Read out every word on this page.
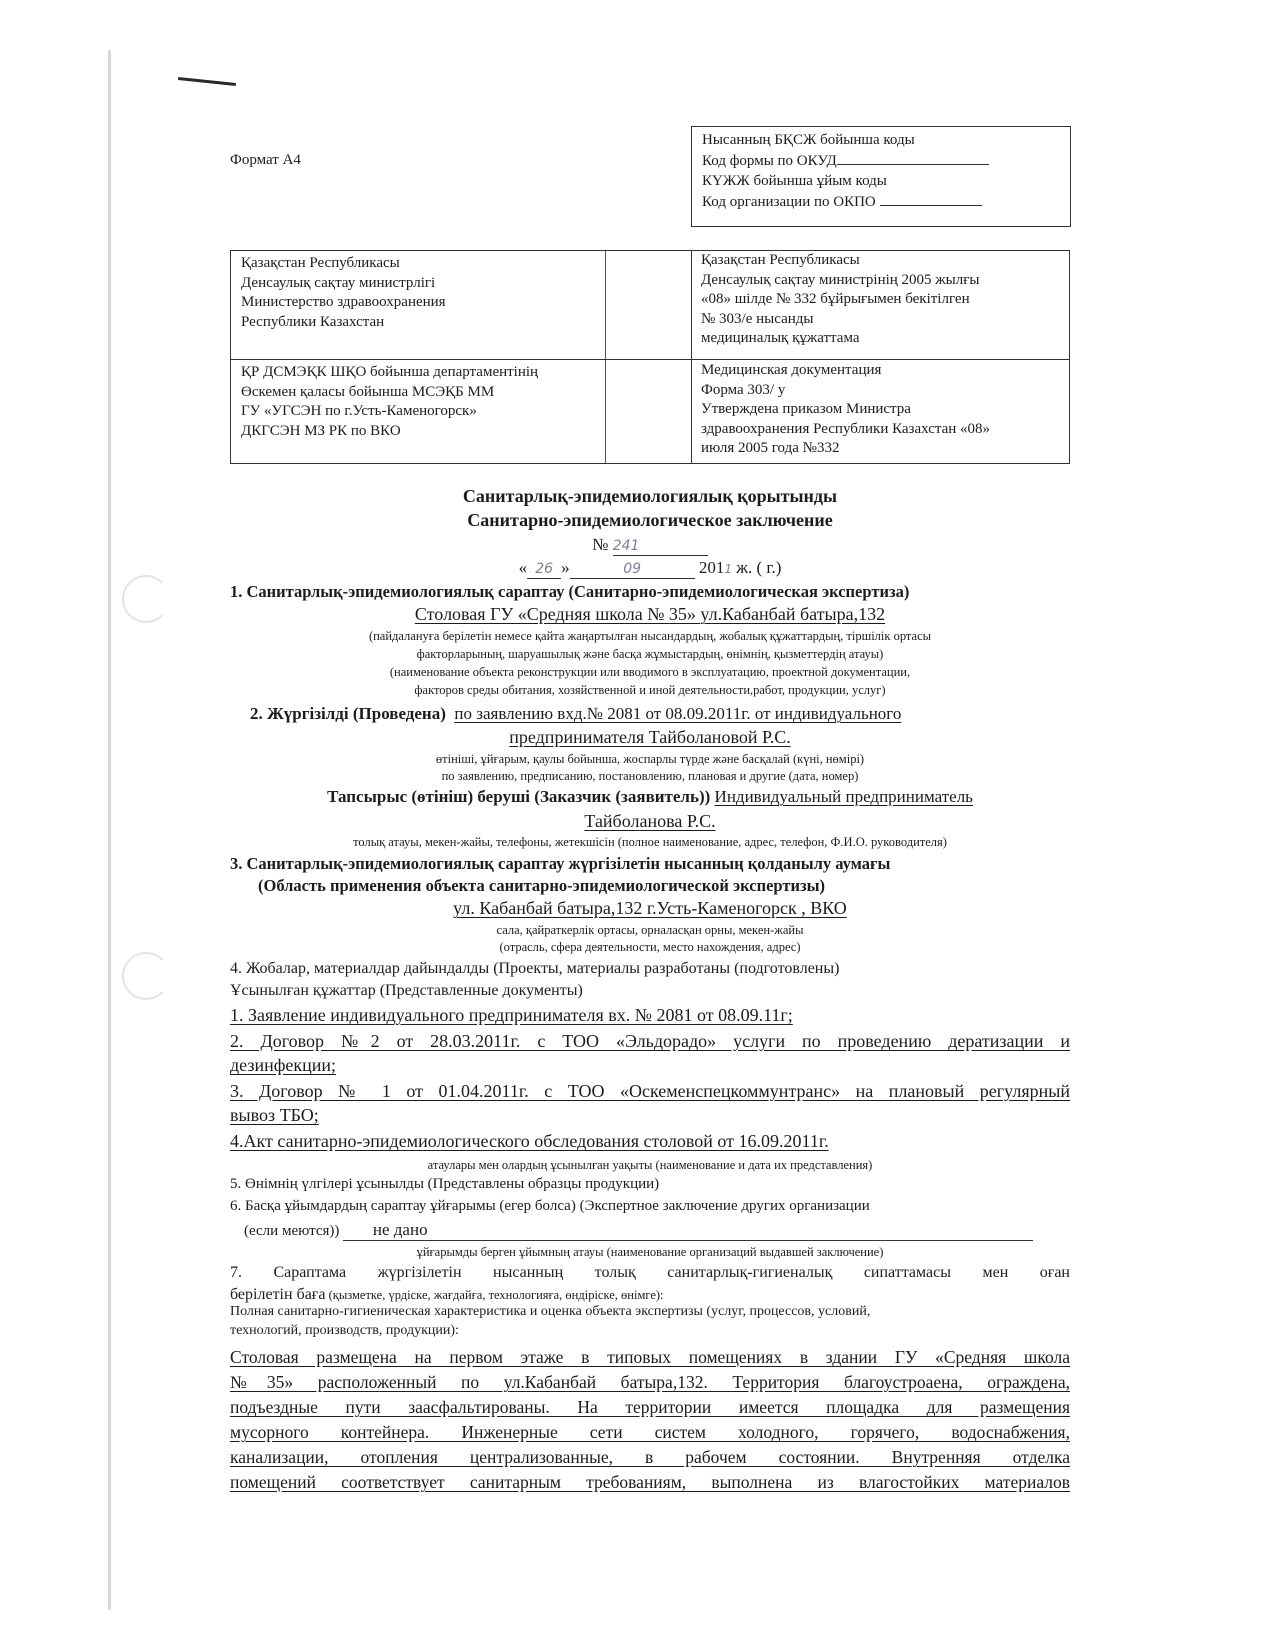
Формат А4
Нысанның БҚСЖ бойынша коды
Код формы по ОКУД
КҮЖЖ бойынша ұйым коды
Код организации по ОКПО
Қазақстан Республикасы
Денсаулық сақтау министрлігі
Министерство здравоохранения
Республики Казахстан
ҚР ДСМЭҚК ШҚО бойынша департаментінің
Өскемен қаласы бойынша МСЭҚБ ММ
ГУ «УГСЭН по г.Усть-Каменогорск»
ДКГСЭН МЗ РК по ВКО
Қазақстан Республикасы
Денсаулық сақтау министрінің 2005 жылғы
«08» шілде № 332 бұйрығымен бекітілген
№ 303/е нысанды
медициналық құжаттама
Медицинская документация
Форма 303/ у
Утверждена приказом Министра
здравоохранения Республики Казахстан «08»
июля 2005 года №332
Санитарлық-эпидемиологиялық қорытынды
Санитарно-эпидемиологическое заключение
№ 241
« 26 »	09	2011 ж. ( г.)
1. Санитарлық-эпидемиологиялық сараптау (Санитарно-эпидемиологическая экспертиза)
Столовая ГУ «Средняя школа № 35» ул.Кабанбай батыра,132
(пайдалануға берілетін немесе қайта жаңартылған нысандардың, жобалық құжаттардың, тіршілік ортасы
факторларының, шаруашылық және басқа жұмыстардың, өнімнің, қызметтердің атауы)
(наименование объекта реконструкции или вводимого в эксплуатацию, проектной документации,
факторов среды обитания, хозяйственной и иной деятельности,работ, продукции, услуг)
2. Жүргізілді (Проведена) по заявлению вхд.№ 2081 от 08.09.2011г. от индивидуального
предпринимателя Тайболановой Р.С.
өтініші, ұйғарым, қаулы бойынша, жоспарлы түрде және басқалай (күні, нөмірі)
по заявлению, предписанию, постановлению, плановая и другие (дата, номер)
Тапсырыс (өтініш) беруші (Заказчик (заявитель)) Индивидуальный предприниматель
Тайболанова Р.С.
толық атауы, мекен-жайы, телефоны, жетекшісін (полное наименование, адрес, телефон, Ф.И.О. руководителя)
3. Санитарлық-эпидемиологиялық сараптау жүргізілетін нысанның қолданылу аумағы
(Область применения объекта санитарно-эпидемиологической экспертизы)
ул. Кабанбай батыра,132 г.Усть-Каменогорск , ВКО
сала, қайраткерлік ортасы, орналасқан орны, мекен-жайы
(отрасль, сфера деятельности, место нахождения, адрес)
4. Жобалар, материалдар дайындалды (Проекты, материалы разработаны (подготовлены)
Ұсынылған құжаттар (Представленные документы)
1. Заявление индивидуального предпринимателя вх. № 2081 от 08.09.11г;
2. Договор №2 от 28.03.2011г. с ТОО «Эльдорадо» услуги по проведению дератизации и
дезинфекции;
3. Договор № 1 от 01.04.2011г. с ТОО «Оскеменспецкоммунтранс» на плановый регулярный
вывоз ТБО;
4.Акт санитарно-эпидемиологического обследования столовой от 16.09.2011г.
атаулары мен олардың ұсынылған уақыты (наименование и дата их представления)
5. Өнімнің үлгілері ұсынылды (Представлены образцы продукции)
6. Басқа ұйымдардың сараптау ұйғарымы (егер болса) (Экспертное заключение других организации
(если меются)) не дано
ұйғарымды берген ұйымның атауы (наименование организаций выдавшей заключение)
7. Сараптама жүргізілетін нысанның толық санитарлық-гигиеналық сипаттамасы мен оған
берілетін баға (қызметке, үрдіске, жағдайға, технологияға, өндіріске, өнімге):
Полная санитарно-гигиеническая характеристика и оценка объекта экспертизы (услуг, процессов, условий,
технологий, производств, продукции):
Столовая размещена на первом этаже в типовых помещениях в здании ГУ «Средняя школа
№35» расположенный по ул.Кабанбай батыра,132. Территория благоустроаена, ограждена,
подъездные пути заасфальтированы. На территории имеется площадка для размещения
мусорного контейнера. Инженерные сети систем холодного, горячего, водоснабжения,
канализации, отопления централизованные, в рабочем состоянии. Внутренняя отделка
помещений соответствует санитарным требованиям, выполнена из влагостойких материалов
